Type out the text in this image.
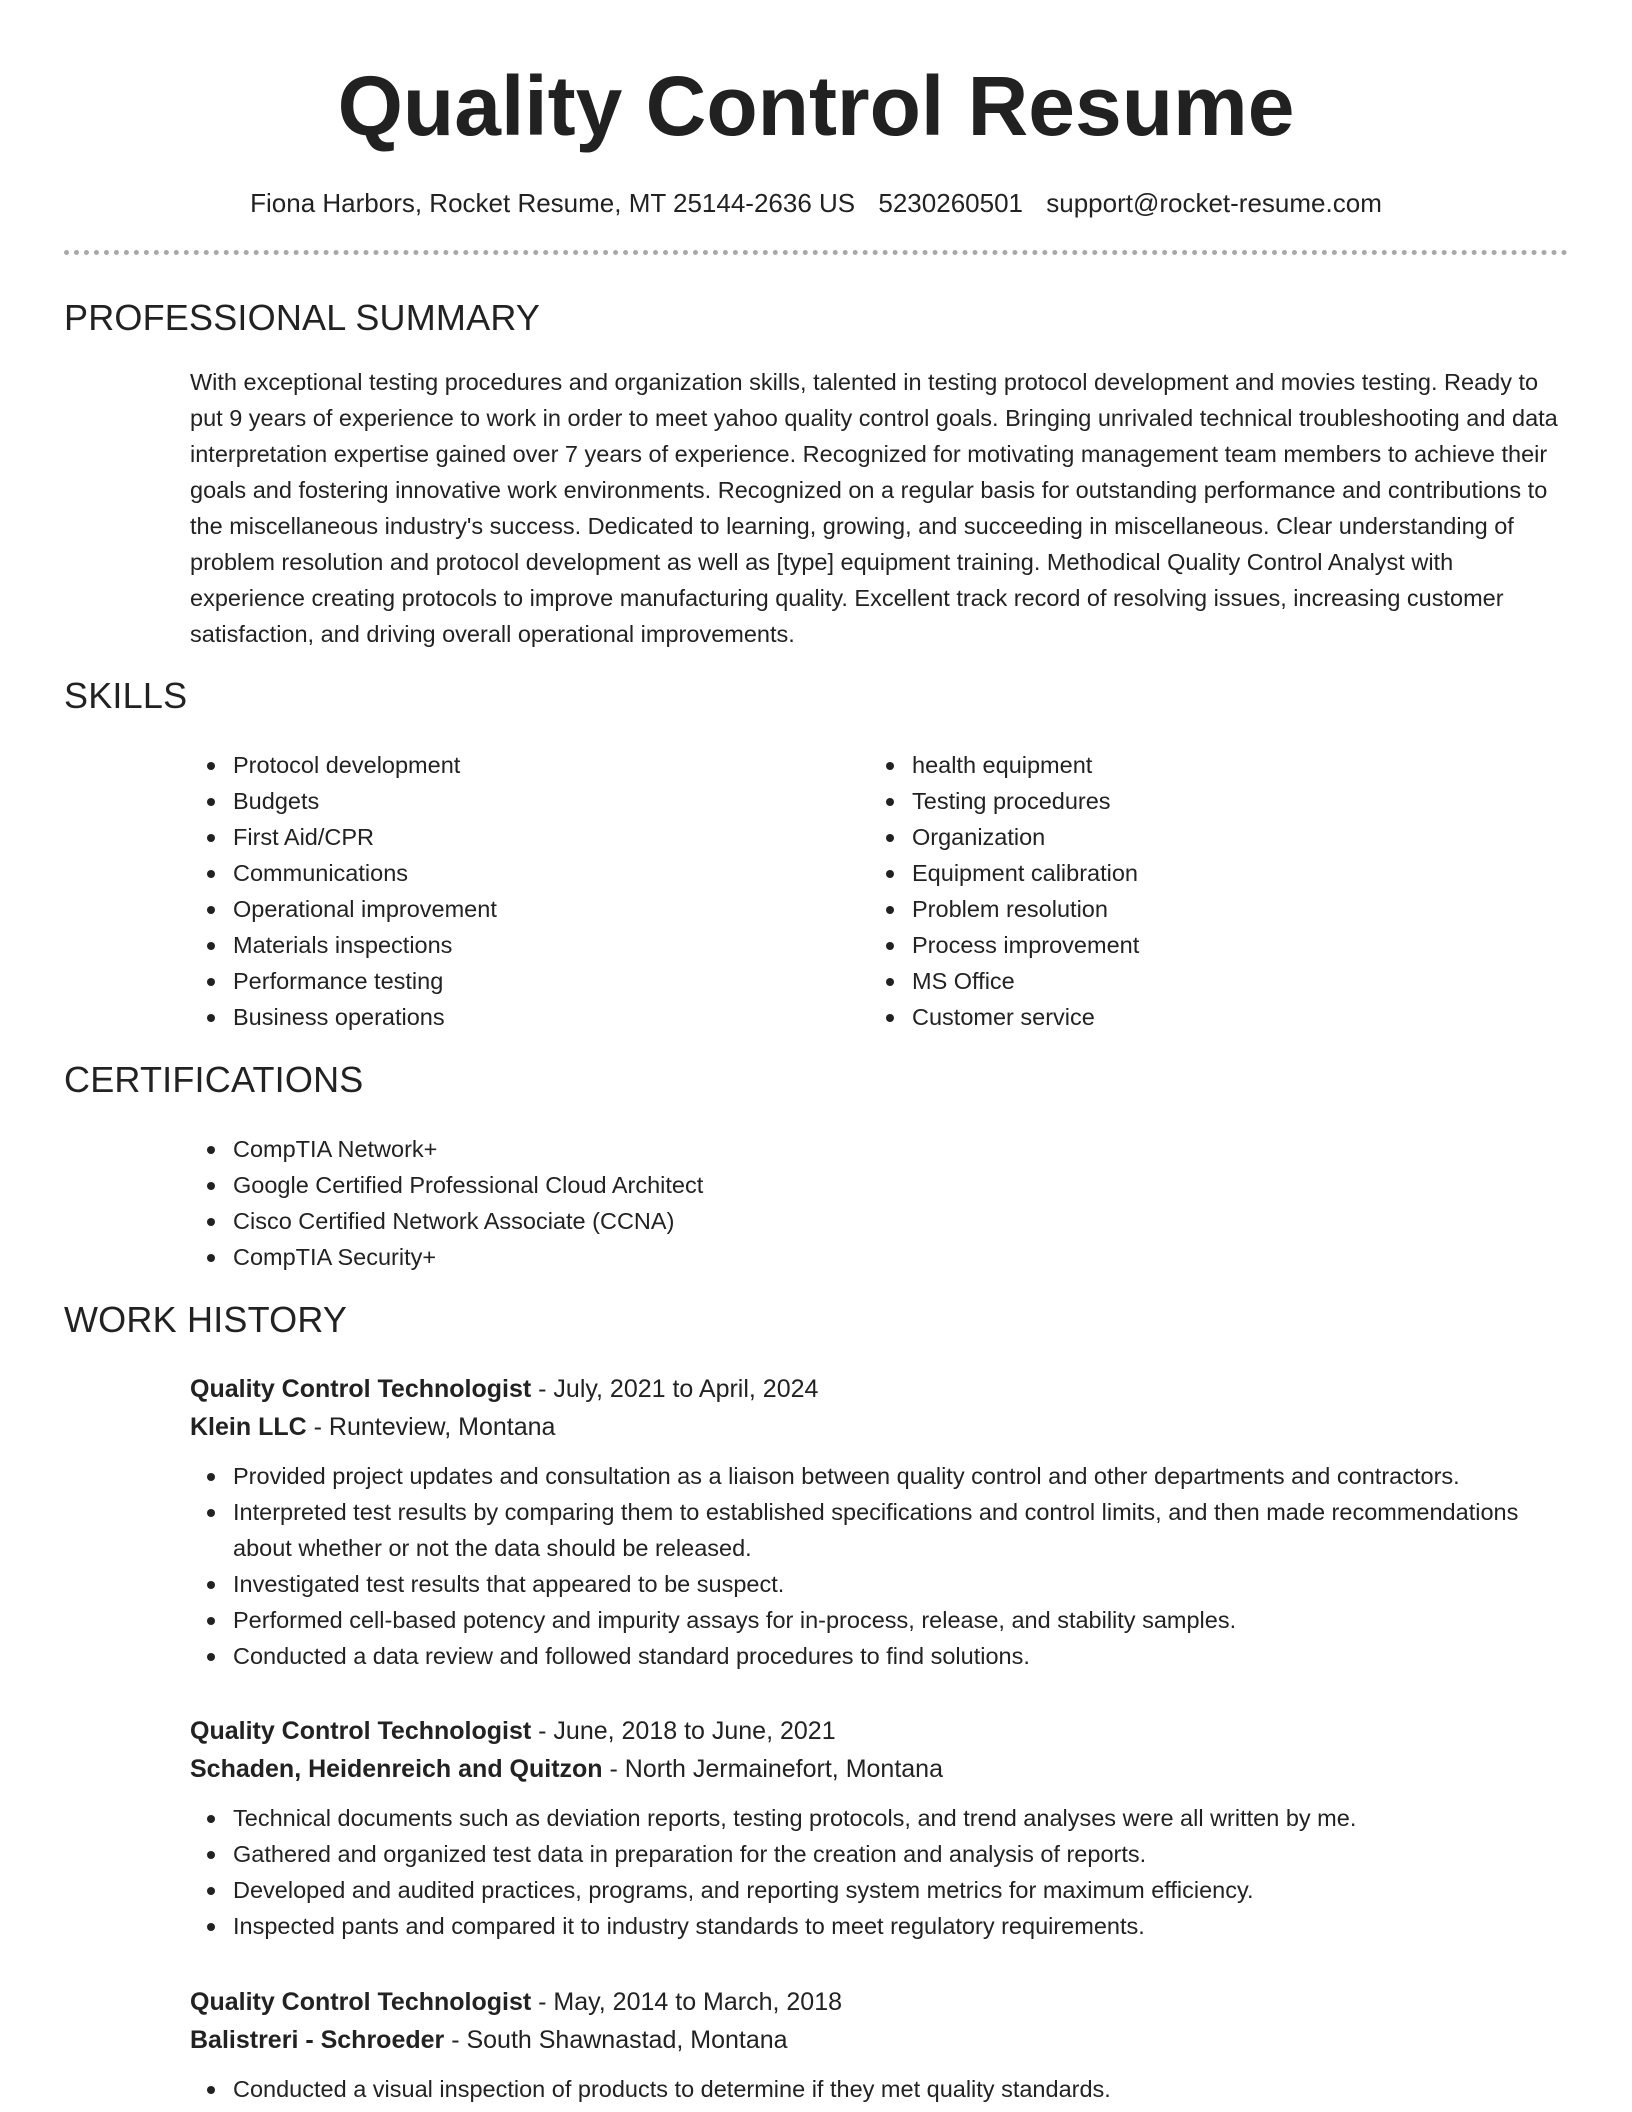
Quality Control Resume
Fiona Harbors, Rocket Resume, MT 25144-2636 US 5230260501 support@rocket-resume.com
PROFESSIONAL SUMMARY

With exceptional testing procedures and organization skills, talented in testing protocol development and movies testing. Ready to put 9 years of experience to work in order to meet yahoo quality control goals. Bringing unrivaled technical troubleshooting and data interpretation expertise gained over 7 years of experience. Recognized for motivating management team members to achieve their goals and fostering innovative work environments. Recognized on a regular basis for outstanding performance and contributions to the miscellaneous industry's success. Dedicated to learning, growing, and succeeding in miscellaneous. Clear understanding of problem resolution and protocol development as well as [type] equipment training. Methodical Quality Control Analyst with experience creating protocols to improve manufacturing quality. Excellent track record of resolving issues, increasing customer satisfaction, and driving overall operational improvements.

SKILLS
Protocol development
Budgets
First Aid/CPR
Communications
Operational improvement
Materials inspections
Performance testing
Business operations
health equipment
Testing procedures
Organization
Equipment calibration
Problem resolution
Process improvement
MS Office
Customer service
CERTIFICATIONS
CompTIA Network+
Google Certified Professional Cloud Architect
Cisco Certified Network Associate (CCNA)
CompTIA Security+
WORK HISTORY
Quality Control Technologist - July, 2021 to April, 2024
Klein LLC - Runteview, Montana
Provided project updates and consultation as a liaison between quality control and other departments and contractors.
Interpreted test results by comparing them to established specifications and control limits, and then made recommendations about whether or not the data should be released.
Investigated test results that appeared to be suspect.
Performed cell-based potency and impurity assays for in-process, release, and stability samples.
Conducted a data review and followed standard procedures to find solutions.
Quality Control Technologist - June, 2018 to June, 2021
Schaden, Heidenreich and Quitzon - North Jermainefort, Montana
Technical documents such as deviation reports, testing protocols, and trend analyses were all written by me.
Gathered and organized test data in preparation for the creation and analysis of reports.
Developed and audited practices, programs, and reporting system metrics for maximum efficiency.
Inspected pants and compared it to industry standards to meet regulatory requirements.
Quality Control Technologist - May, 2014 to March, 2018
Balistreri - Schroeder - South Shawnastad, Montana
Conducted a visual inspection of products to determine if they met quality standards.
